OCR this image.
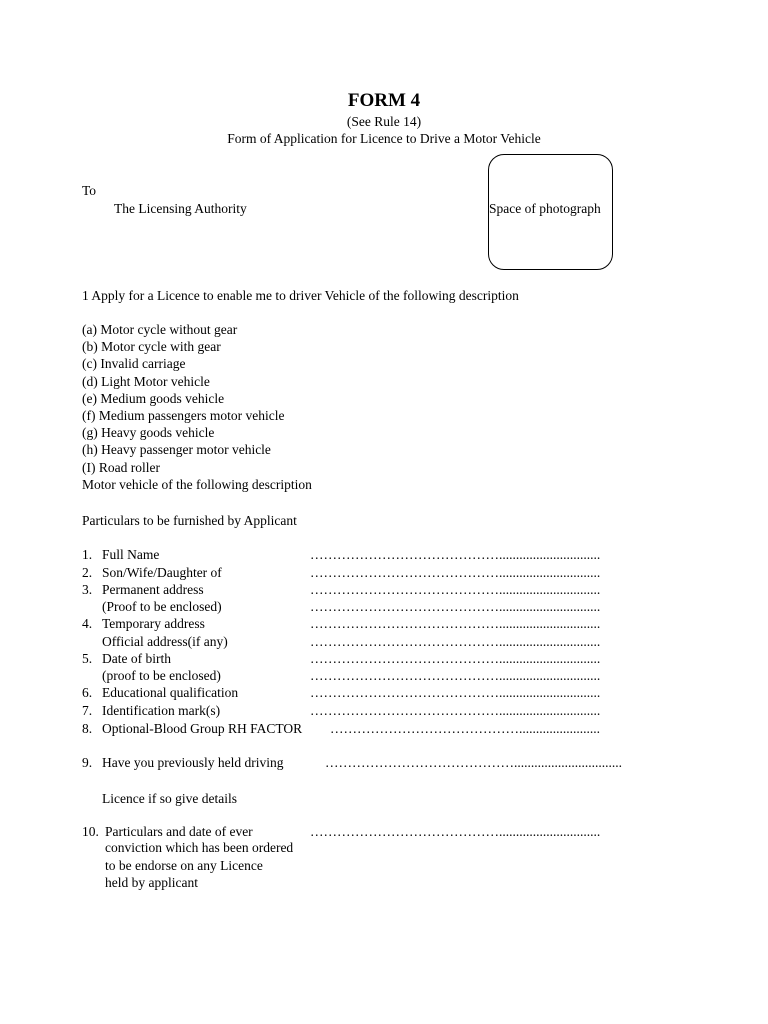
FORM 4
(See Rule 14)
Form of Application for Licence to Drive a Motor Vehicle
To
The Licensing Authority	Space of photograph
1 Apply for a Licence to enable me to driver Vehicle of the following description
(a) Motor cycle without gear
(b) Motor cycle with gear
(c) Invalid carriage
(d) Light Motor vehicle
(e) Medium goods vehicle
(f) Medium passengers motor vehicle
(g) Heavy goods vehicle
(h) Heavy passenger motor vehicle
(I) Road roller
Motor vehicle of the following description
Particulars to be furnished by Applicant
1. Full Name	……………………………………..............................
2. Son/Wife/Daughter of	……………………………………..............................
3. Permanent address	……………………………………..............................
(Proof to be enclosed)	……………………………………..............................
4. Temporary address	……………………………………..............................
Official address(if any)	……………………………………..............................
5. Date of birth	……………………………………..............................
(proof to be enclosed)	……………………………………..............................
6. Educational qualification	……………………………………..............................
7. Identification mark(s)	……………………………………..............................
8. Optional-Blood Group RH FACTOR ……………………………………........................
9. Have you previously held driving	……………………………………................................
Licence if so give details
10. Particulars and date of ever	……………………………………..............................
conviction which has been ordered
to be endorse on any Licence
held by applicant
